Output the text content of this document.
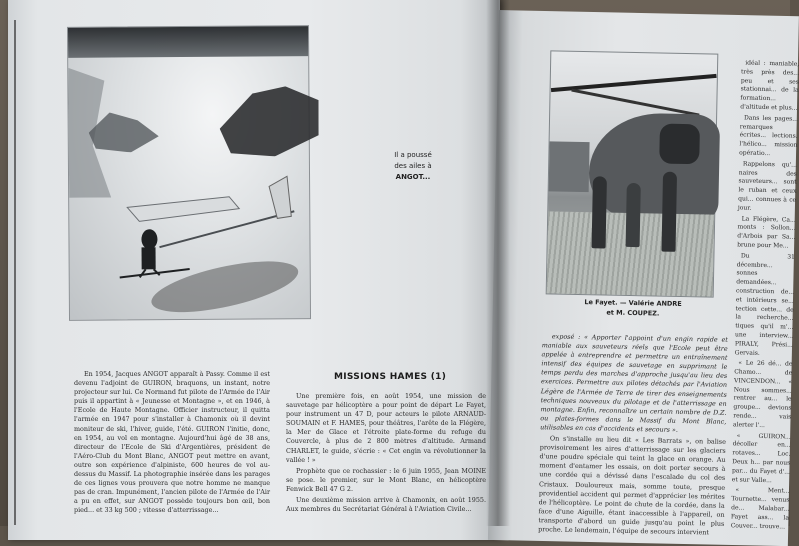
Il a poussé
des ailes à
ANGOT...
MISSIONS HAMES (1)

En 1954, Jacques ANGOT apparaît à Passy. Comme il est devenu l'adjoint de GUIRON, braquons, un instant, notre projecteur sur lui. Ce Normand fut pilote de l'Armée de l'Air puis il appartint à « Jeunesse et Montagne », et en 1946, à l'Ecole de Haute Montagne. Officier instructeur, il quitta l'armée en 1947 pour s'installer à Chamonix où il devint moniteur de ski, l'hiver, guide, l'été. GUIRON l'initie, donc, en 1954, au vol en montagne. Aujourd'hui âgé de 38 ans, directeur de l'Ecole de Ski d'Argentières, président de l'Aéro-Club du Mont Blanc, ANGOT peut mettre en avant, outre son expérience d'alpiniste, 600 heures de vol au-dessus du Massif. La photographie insérée dans les parages de ces lignes vous prouvera que notre homme ne manque pas de cran. Impunément, l'ancien pilote de l'Armée de l'Air a pu en effet, sur ANGOT possède toujours bon œil, bon pied... et 33 kg 500 ; vitesse d'atterrissage...

Une première fois, en août 1954, une mission de sauvetage par hélicoptère a pour point de départ Le Fayet, pour instrument un 47 D, pour acteurs le pilote ARNAUD-SOUMAIN et F. HAMES, pour théâtres, l'arête de la Flégère, la Mer de Glace et l'étroite plate-forme du refuge du Couvercle, à plus de 2 800 mètres d'altitude. Armand CHARLET, le guide, s'écrie : « Cet engin va révolutionner la vallée ! »

Prophète que ce rochassier : le 6 juin 1955, Jean MOINE se pose. le premier, sur le Mont Blanc, en hélicoptère Fenwick Bell 47 G 2.

Une deuxième mission arrive à Chamonix, en août 1955. Aux membres du Secrétariat Général à l'Aviation Civile...

Le Fayet. — Valérie ANDRE
et M. COUPEZ.

exposé : « Apporter l'appoint d'un engin rapide et maniable aux sauveteurs réels que l'Ecole peut être appelée à entreprendre et permettre un entraînement intensif des équipes de sauvetage en supprimant le temps perdu des marches d'approche jusqu'au lieu des exercices. Permettre aux pilotes détachés par l'Aviation Légère de l'Armée de Terre de tirer des enseignements techniques nouveaux du pilotage et de l'atterrissage en montagne. Enfin, reconnaître un certain nombre de D.Z. ou plates-formes dans le Massif du Mont Blanc, utilisables en cas d'accidents et secours ».

On s'installe au lieu dit « Les Barrats », on balise provisoirement les aires d'atterrissage sur les glaciers d'une poudre spéciale qui teint la glace en orange. Au moment d'entamer les essais, on doit porter secours à une cordée qui a dévissé dans l'escalade du col des Cristaux. Douloureux mais, somme toute, presque providentiel accident qui permet d'apprécier les mérites de l'hélicoptère. Le point de chute de la cordée, dans la face d'une Aiguille, étant inaccessible à l'appareil, on transporte d'abord un guide jusqu'au point le plus proche. Le lendemain, l'équipe de secours intervient

idéal : maniable, très près des... peu et ses stationnai... de la formation... d'altitude et plus...

Dans les pages... remarques écrites... lections. l'hélico... mission opératio...

Rappelons qu'... naires des sauveteurs... sont le ruban et ceux qui... connues à ce jour.

La Flégère, Ca... monts : Sollon... d'Arbois par Sa... brune pour Me...

Du 31 décembre... sonnes demandées... construction de... et intérieurs se... tection cette... de la recherche... tiques qu'il m'... une interview... PIRALY, Prési... Gervais.

« Le 26 dé... de Chamo... de VINCENDON... « Nous sommes... rentrer au... le groupe... devions rende... vais alerter l'...

« GUIRON... décoller en... rotaves... Loc. Deux h... par nous par... du Fayet d'... et sur Valle...

« Ment... Tournette... venus de... Malabar... Fayet ass... la Couver... trouve...
